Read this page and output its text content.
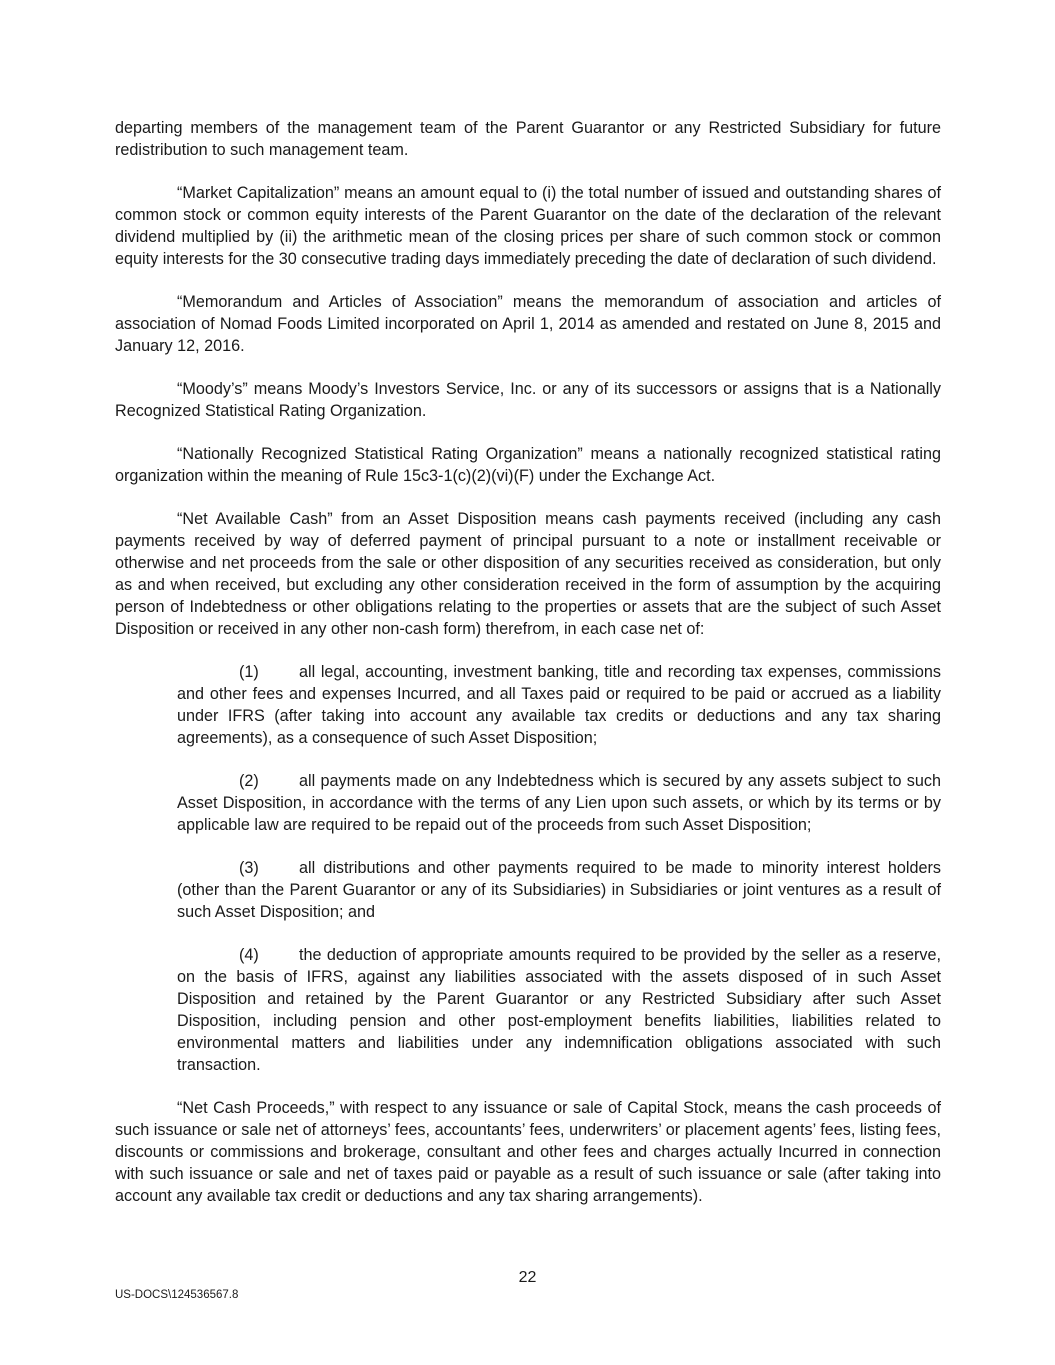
departing members of the management team of the Parent Guarantor or any Restricted Subsidiary for future redistribution to such management team.

“Market Capitalization” means an amount equal to (i) the total number of issued and outstanding shares of common stock or common equity interests of the Parent Guarantor on the date of the declaration of the relevant dividend multiplied by (ii) the arithmetic mean of the closing prices per share of such common stock or common equity interests for the 30 consecutive trading days immediately preceding the date of declaration of such dividend.

“Memorandum and Articles of Association” means the memorandum of association and articles of association of Nomad Foods Limited incorporated on April 1, 2014 as amended and restated on June 8, 2015 and January 12, 2016.

“Moody’s” means Moody’s Investors Service, Inc. or any of its successors or assigns that is a Nationally Recognized Statistical Rating Organization.

“Nationally Recognized Statistical Rating Organization” means a nationally recognized statistical rating organization within the meaning of Rule 15c3-1(c)(2)(vi)(F) under the Exchange Act.

“Net Available Cash” from an Asset Disposition means cash payments received (including any cash payments received by way of deferred payment of principal pursuant to a note or installment receivable or otherwise and net proceeds from the sale or other disposition of any securities received as consideration, but only as and when received, but excluding any other consideration received in the form of assumption by the acquiring person of Indebtedness or other obligations relating to the properties or assets that are the subject of such Asset Disposition or received in any other non-cash form) therefrom, in each case net of:

(1) all legal, accounting, investment banking, title and recording tax expenses, commissions and other fees and expenses Incurred, and all Taxes paid or required to be paid or accrued as a liability under IFRS (after taking into account any available tax credits or deductions and any tax sharing agreements), as a consequence of such Asset Disposition;

(2) all payments made on any Indebtedness which is secured by any assets subject to such Asset Disposition, in accordance with the terms of any Lien upon such assets, or which by its terms or by applicable law are required to be repaid out of the proceeds from such Asset Disposition;

(3) all distributions and other payments required to be made to minority interest holders (other than the Parent Guarantor or any of its Subsidiaries) in Subsidiaries or joint ventures as a result of such Asset Disposition; and

(4) the deduction of appropriate amounts required to be provided by the seller as a reserve, on the basis of IFRS, against any liabilities associated with the assets disposed of in such Asset Disposition and retained by the Parent Guarantor or any Restricted Subsidiary after such Asset Disposition, including pension and other post-employment benefits liabilities, liabilities related to environmental matters and liabilities under any indemnification obligations associated with such transaction.

“Net Cash Proceeds,” with respect to any issuance or sale of Capital Stock, means the cash proceeds of such issuance or sale net of attorneys’ fees, accountants’ fees, underwriters’ or placement agents’ fees, listing fees, discounts or commissions and brokerage, consultant and other fees and charges actually Incurred in connection with such issuance or sale and net of taxes paid or payable as a result of such issuance or sale (after taking into account any available tax credit or deductions and any tax sharing arrangements).

22
US-DOCS\124536567.8
